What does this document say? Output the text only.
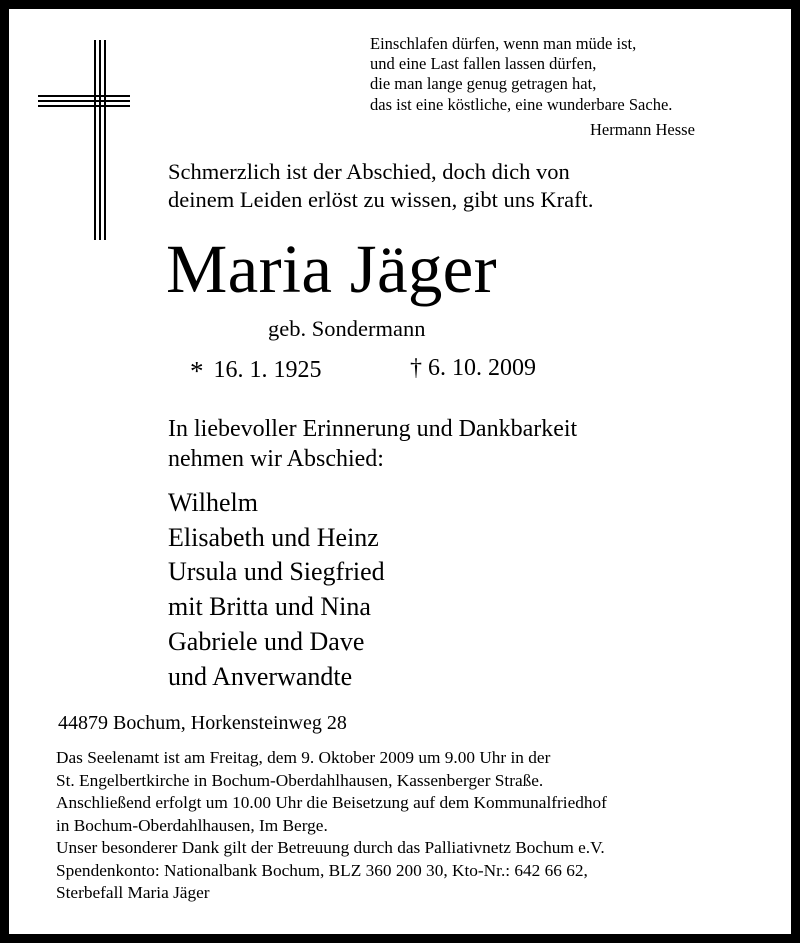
Einschlafen dürfen, wenn man müde ist,
und eine Last fallen lassen dürfen,
die man lange genug getragen hat,
das ist eine köstliche, eine wunderbare Sache.
Hermann Hesse
Schmerzlich ist der Abschied, doch dich von
deinem Leiden erlöst zu wissen, gibt uns Kraft.
Maria Jäger
geb. Sondermann
* 16. 1. 1925	† 6. 10. 2009
In liebevoller Erinnerung und Dankbarkeit
nehmen wir Abschied:
Wilhelm
Elisabeth und Heinz
Ursula und Siegfried
mit Britta und Nina
Gabriele und Dave
und Anverwandte
44879 Bochum, Horkensteinweg 28
Das Seelenamt ist am Freitag, dem 9. Oktober 2009 um 9.00 Uhr in der
St. Engelbertkirche in Bochum-Oberdahlhausen, Kassenberger Straße.
Anschließend erfolgt um 10.00 Uhr die Beisetzung auf dem Kommunalfriedhof
in Bochum-Oberdahlhausen, Im Berge.
Unser besonderer Dank gilt der Betreuung durch das Palliativnetz Bochum e.V.
Spendenkonto: Nationalbank Bochum, BLZ 360 200 30, Kto-Nr.: 642 66 62,
Sterbefall Maria Jäger
